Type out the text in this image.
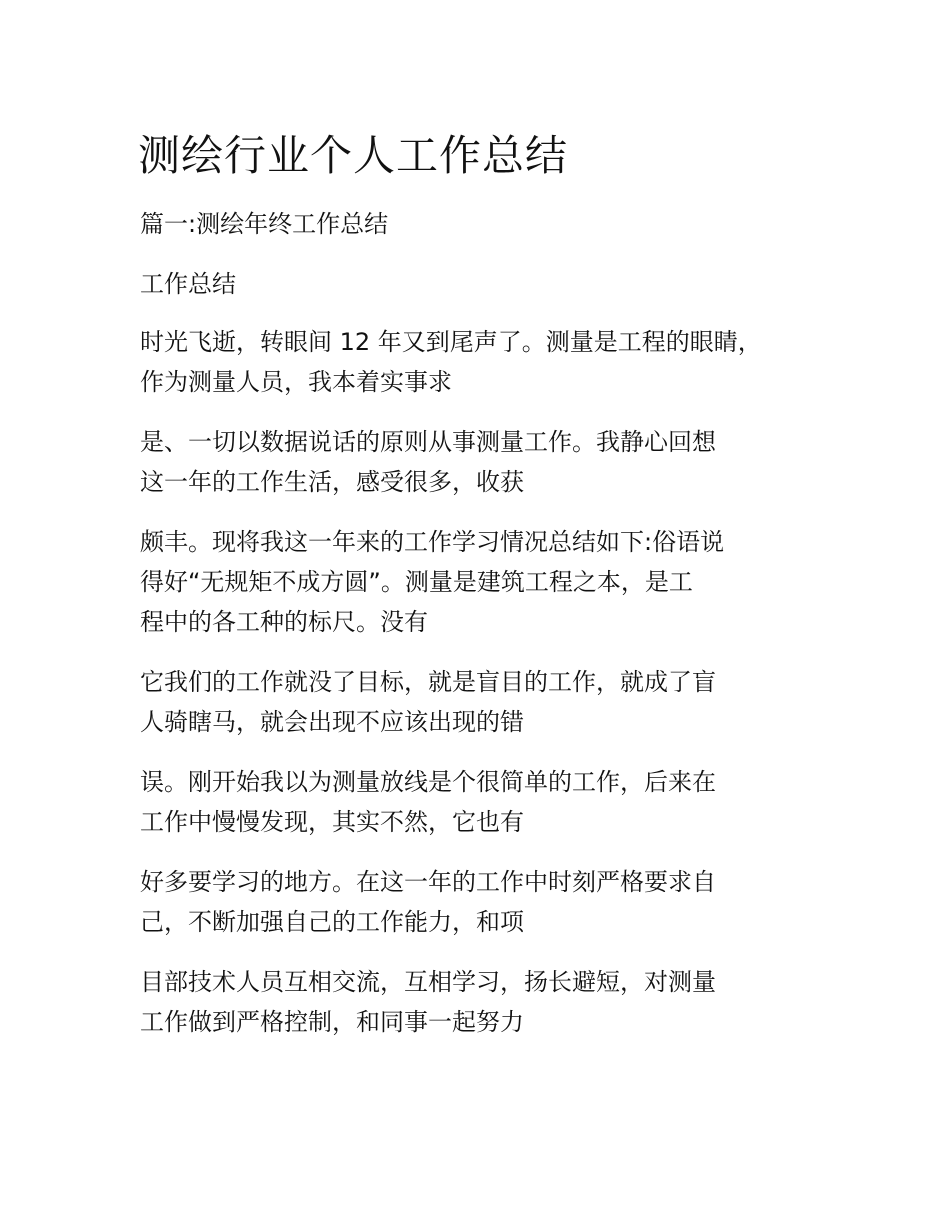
测绘行业个人工作总结

篇一:测绘年终工作总结

工作总结

时光飞逝，转眼间 12 年又到尾声了。测量是工程的眼睛，
作为测量人员，我本着实事求

是、一切以数据说话的原则从事测量工作。我静心回想
这一年的工作生活，感受很多，收获

颇丰。现将我这一年来的工作学习情况总结如下:俗语说
得好“无规矩不成方圆”。测量是建筑工程之本，是工
程中的各工种的标尺。没有

它我们的工作就没了目标，就是盲目的工作，就成了盲
人骑瞎马，就会出现不应该出现的错

误。刚开始我以为测量放线是个很简单的工作，后来在
工作中慢慢发现，其实不然，它也有

好多要学习的地方。在这一年的工作中时刻严格要求自
己，不断加强自己的工作能力，和项

目部技术人员互相交流，互相学习，扬长避短，对测量
工作做到严格控制，和同事一起努力
